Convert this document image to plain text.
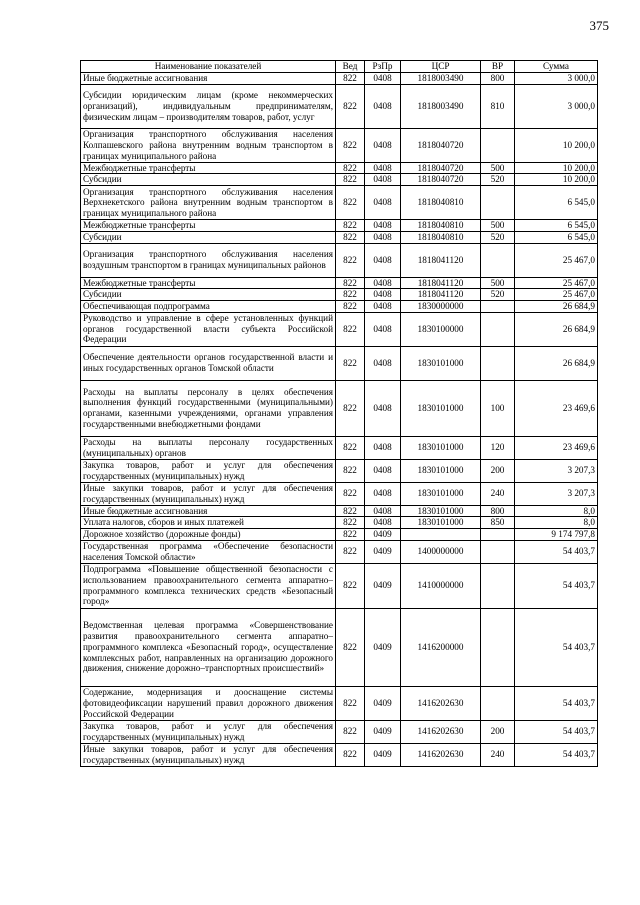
375
Наименование показателей	Вед	РзПр	ЦСР	ВР	Сумма
Иные бюджетные ассигнования	822	0408	1818003490	800	3 000,0
Субсидии юридическим лицам (кроме некоммерческих организаций), индивидуальным предпринимателям, физическим лицам – производителям товаров, работ, услуг	822	0408	1818003490	810	3 000,0
Организация транспортного обслуживания населения Колпашевского района внутренним водным транспортом в границах муниципального района	822	0408	1818040720		10 200,0
Межбюджетные трансферты	822	0408	1818040720	500	10 200,0
Субсидии	822	0408	1818040720	520	10 200,0
Организация транспортного обслуживания населения Верхнекетского района внутренним водным транспортом в границах муниципального района	822	0408	1818040810		6 545,0
Межбюджетные трансферты	822	0408	1818040810	500	6 545,0
Субсидии	822	0408	1818040810	520	6 545,0
Организация транспортного обслуживания населения воздушным транспортом в границах муниципальных районов	822	0408	1818041120		25 467,0
Межбюджетные трансферты	822	0408	1818041120	500	25 467,0
Субсидии	822	0408	1818041120	520	25 467,0
Обеспечивающая подпрограмма	822	0408	1830000000		26 684,9
Руководство и управление в сфере установленных функций органов государственной власти субъекта Российской Федерации	822	0408	1830100000		26 684,9
Обеспечение деятельности органов государственной власти и иных государственных органов Томской области	822	0408	1830101000		26 684,9
Расходы на выплаты персоналу в целях обеспечения выполнения функций государственными (муниципальными) органами, казенными учреждениями, органами управления государственными внебюджетными фондами	822	0408	1830101000	100	23 469,6
Расходы на выплаты персоналу государственных (муниципальных) органов	822	0408	1830101000	120	23 469,6
Закупка товаров, работ и услуг для обеспечения государственных (муниципальных) нужд	822	0408	1830101000	200	3 207,3
Иные закупки товаров, работ и услуг для обеспечения государственных (муниципальных) нужд	822	0408	1830101000	240	3 207,3
Иные бюджетные ассигнования	822	0408	1830101000	800	8,0
Уплата налогов, сборов и иных платежей	822	0408	1830101000	850	8,0
Дорожное хозяйство (дорожные фонды)	822	0409			9 174 797,8
Государственная программа «Обеспечение безопасности населения Томской области»	822	0409	1400000000		54 403,7
Подпрограмма «Повышение общественной безопасности с использованием правоохранительного сегмента аппаратно–программного комплекса технических средств «Безопасный город»	822	0409	1410000000		54 403,7
Ведомственная целевая программа «Совершенствование развития правоохранительного сегмента аппаратно–программного комплекса «Безопасный город», осуществление комплексных работ, направленных на организацию дорожного движения, снижение дорожно–транспортных происшествий»	822	0409	1416200000		54 403,7
Содержание, модернизация и дооснащение системы фотовидеофиксации нарушений правил дорожного движения Российской Федерации	822	0409	1416202630		54 403,7
Закупка товаров, работ и услуг для обеспечения государственных (муниципальных) нужд	822	0409	1416202630	200	54 403,7
Иные закупки товаров, работ и услуг для обеспечения государственных (муниципальных) нужд	822	0409	1416202630	240	54 403,7
